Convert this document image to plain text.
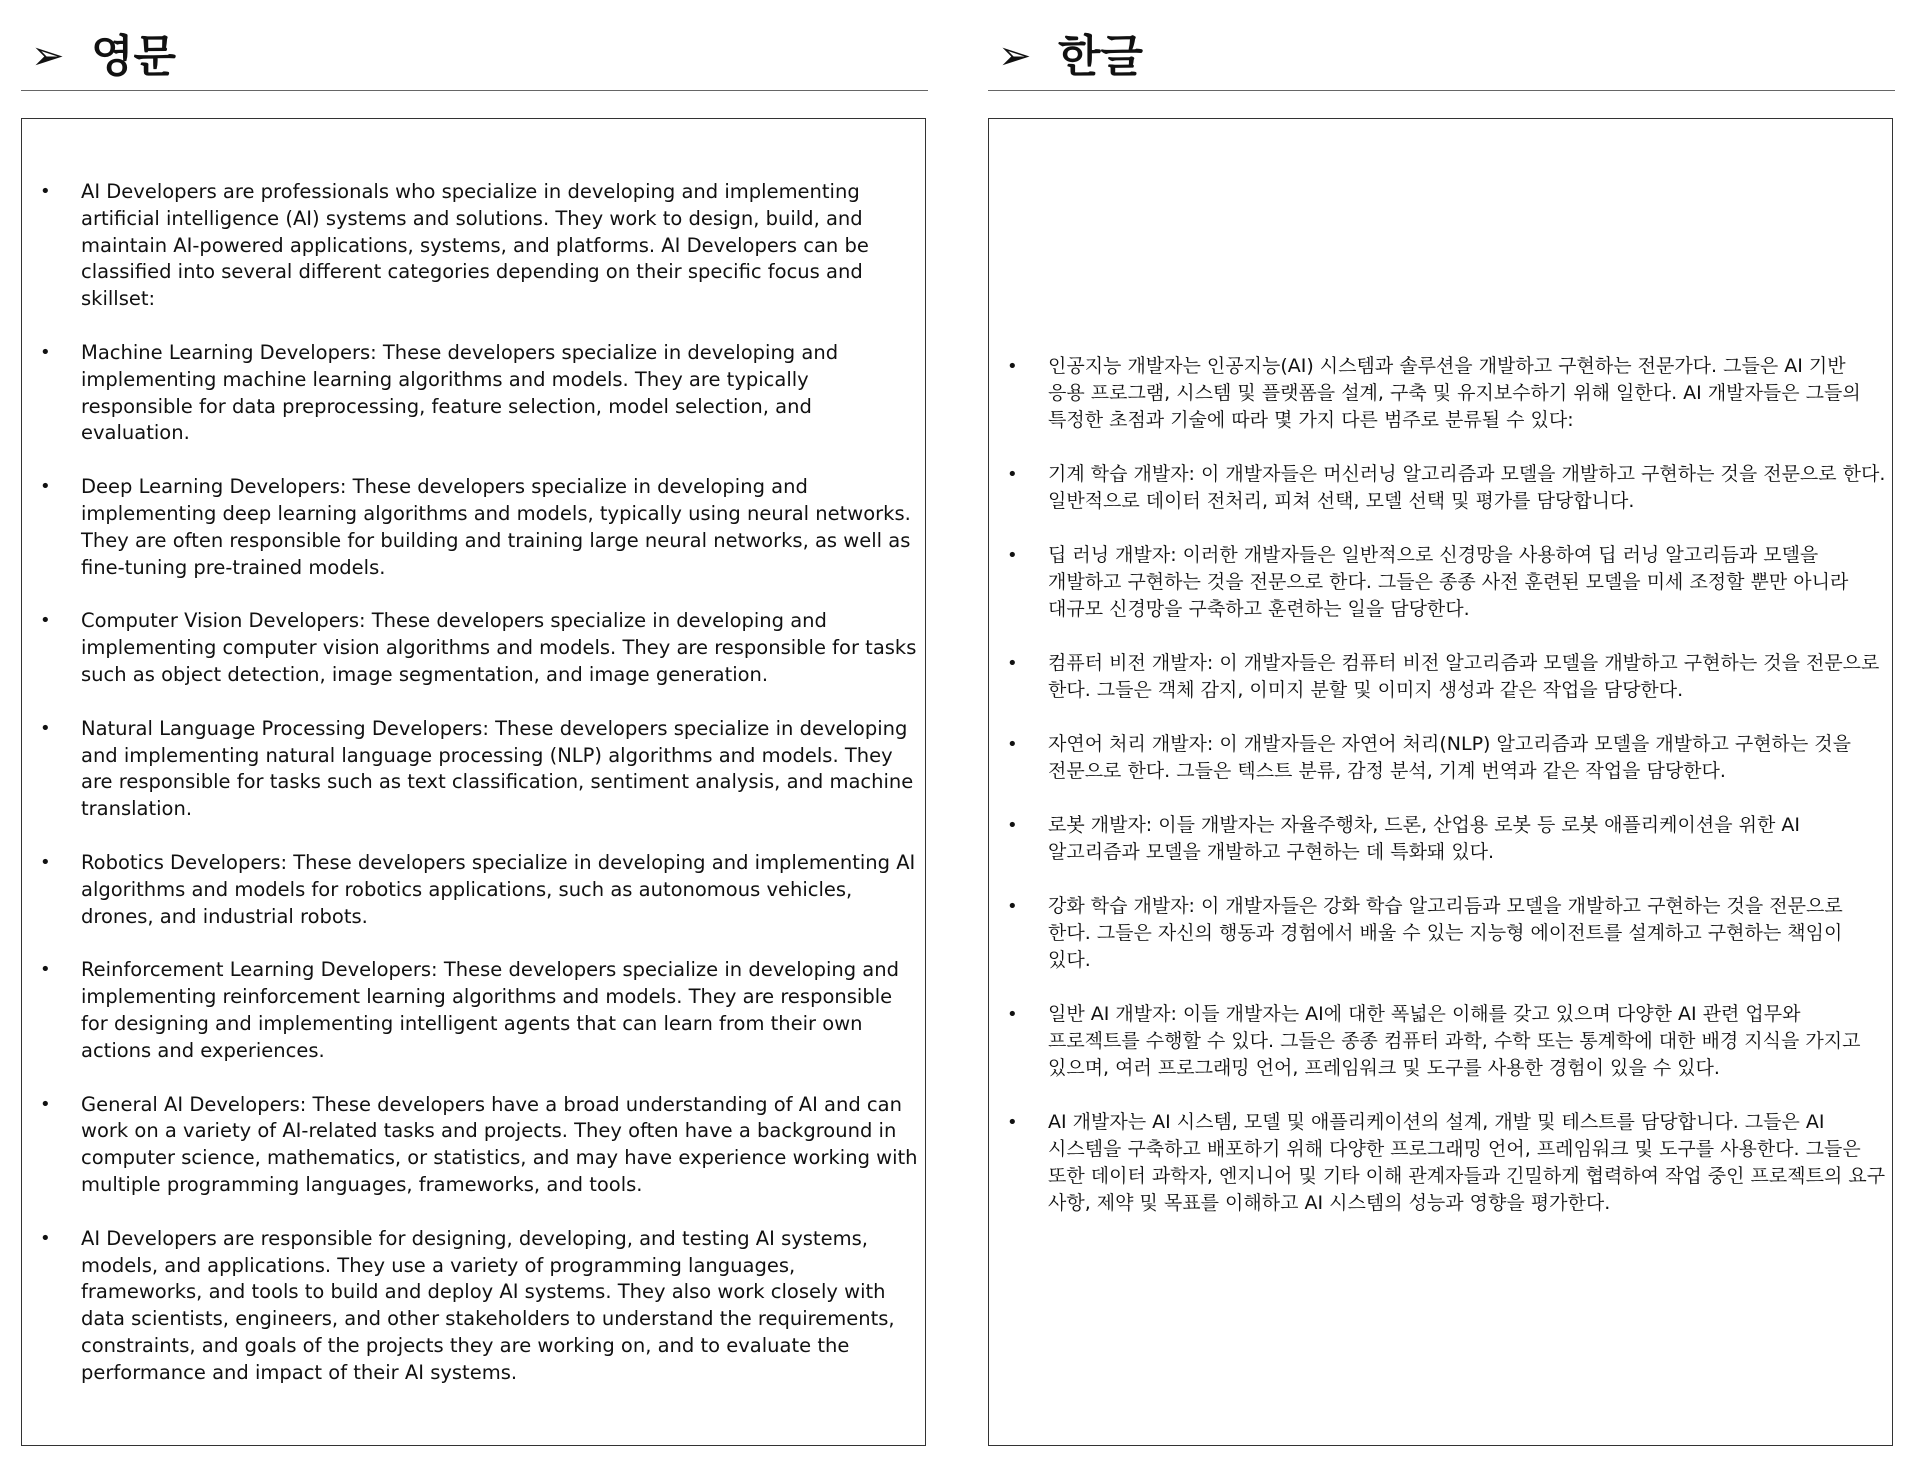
➢ 영문
• AI Developers are professionals who specialize in developing and implementing artificial intelligence (AI) systems and solutions. They work to design, build, and maintain AI-powered applications, systems, and platforms. AI Developers can be classified into several different categories depending on their specific focus and skillset:
• Machine Learning Developers: These developers specialize in developing and implementing machine learning algorithms and models. They are typically responsible for data preprocessing, feature selection, model selection, and evaluation.
• Deep Learning Developers: These developers specialize in developing and implementing deep learning algorithms and models, typically using neural networks. They are often responsible for building and training large neural networks, as well as fine-tuning pre-trained models.
• Computer Vision Developers: These developers specialize in developing and implementing computer vision algorithms and models. They are responsible for tasks such as object detection, image segmentation, and image generation.
• Natural Language Processing Developers: These developers specialize in developing and implementing natural language processing (NLP) algorithms and models. They are responsible for tasks such as text classification, sentiment analysis, and machine translation.
• Robotics Developers: These developers specialize in developing and implementing AI algorithms and models for robotics applications, such as autonomous vehicles, drones, and industrial robots.
• Reinforcement Learning Developers: These developers specialize in developing and implementing reinforcement learning algorithms and models. They are responsible for designing and implementing intelligent agents that can learn from their own actions and experiences.
• General AI Developers: These developers have a broad understanding of AI and can work on a variety of AI-related tasks and projects. They often have a background in computer science, mathematics, or statistics, and may have experience working with multiple programming languages, frameworks, and tools.
• AI Developers are responsible for designing, developing, and testing AI systems, models, and applications. They use a variety of programming languages, frameworks, and tools to build and deploy AI systems. They also work closely with data scientists, engineers, and other stakeholders to understand the requirements, constraints, and goals of the projects they are working on, and to evaluate the performance and impact of their AI systems.
➢ 한글
• 인공지능 개발자는 인공지능(AI) 시스템과 솔루션을 개발하고 구현하는 전문가다. 그들은 AI 기반 응용 프로그램, 시스템 및 플랫폼을 설계, 구축 및 유지보수하기 위해 일한다. AI 개발자들은 그들의 특정한 초점과 기술에 따라 몇 가지 다른 범주로 분류될 수 있다:
• 기계 학습 개발자: 이 개발자들은 머신러닝 알고리즘과 모델을 개발하고 구현하는 것을 전문으로 한다. 일반적으로 데이터 전처리, 피쳐 선택, 모델 선택 및 평가를 담당합니다.
• 딥 러닝 개발자: 이러한 개발자들은 일반적으로 신경망을 사용하여 딥 러닝 알고리듬과 모델을 개발하고 구현하는 것을 전문으로 한다. 그들은 종종 사전 훈련된 모델을 미세 조정할 뿐만 아니라 대규모 신경망을 구축하고 훈련하는 일을 담당한다.
• 컴퓨터 비전 개발자: 이 개발자들은 컴퓨터 비전 알고리즘과 모델을 개발하고 구현하는 것을 전문으로 한다. 그들은 객체 감지, 이미지 분할 및 이미지 생성과 같은 작업을 담당한다.
• 자연어 처리 개발자: 이 개발자들은 자연어 처리(NLP) 알고리즘과 모델을 개발하고 구현하는 것을 전문으로 한다. 그들은 텍스트 분류, 감정 분석, 기계 번역과 같은 작업을 담당한다.
• 로봇 개발자: 이들 개발자는 자율주행차, 드론, 산업용 로봇 등 로봇 애플리케이션을 위한 AI 알고리즘과 모델을 개발하고 구현하는 데 특화돼 있다.
• 강화 학습 개발자: 이 개발자들은 강화 학습 알고리듬과 모델을 개발하고 구현하는 것을 전문으로 한다. 그들은 자신의 행동과 경험에서 배울 수 있는 지능형 에이전트를 설계하고 구현하는 책임이 있다.
• 일반 AI 개발자: 이들 개발자는 AI에 대한 폭넓은 이해를 갖고 있으며 다양한 AI 관련 업무와 프로젝트를 수행할 수 있다. 그들은 종종 컴퓨터 과학, 수학 또는 통계학에 대한 배경 지식을 가지고 있으며, 여러 프로그래밍 언어, 프레임워크 및 도구를 사용한 경험이 있을 수 있다.
• AI 개발자는 AI 시스템, 모델 및 애플리케이션의 설계, 개발 및 테스트를 담당합니다. 그들은 AI 시스템을 구축하고 배포하기 위해 다양한 프로그래밍 언어, 프레임워크 및 도구를 사용한다. 그들은 또한 데이터 과학자, 엔지니어 및 기타 이해 관계자들과 긴밀하게 협력하여 작업 중인 프로젝트의 요구 사항, 제약 및 목표를 이해하고 AI 시스템의 성능과 영향을 평가한다.
